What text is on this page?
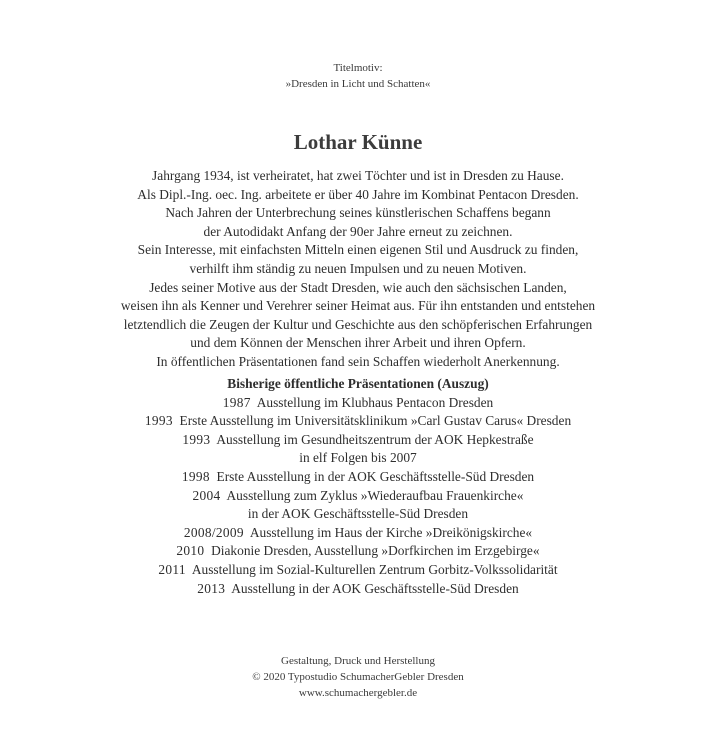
Titelmotiv:
»Dresden in Licht und Schatten«
Lothar Künne
Jahrgang 1934, ist verheiratet, hat zwei Töchter und ist in Dresden zu Hause.
Als Dipl.-Ing. oec. Ing. arbeitete er über 40 Jahre im Kombinat Pentacon Dresden.
Nach Jahren der Unterbrechung seines künstlerischen Schaffens begann
der Autodidakt Anfang der 90er Jahre erneut zu zeichnen.
Sein Interesse, mit einfachsten Mitteln einen eigenen Stil und Ausdruck zu finden,
verhilft ihm ständig zu neuen Impulsen und zu neuen Motiven.
Jedes seiner Motive aus der Stadt Dresden, wie auch den sächsischen Landen,
weisen ihn als Kenner und Verehrer seiner Heimat aus. Für ihn entstanden und entstehen
letztendlich die Zeugen der Kultur und Geschichte aus den schöpferischen Erfahrungen
und dem Können der Menschen ihrer Arbeit und ihren Opfern.
In öffentlichen Präsentationen fand sein Schaffen wiederholt Anerkennung.
Bisherige öffentliche Präsentationen (Auszug)
1987 Ausstellung im Klubhaus Pentacon Dresden
1993 Erste Ausstellung im Universitätsklinikum »Carl Gustav Carus« Dresden
1993 Ausstellung im Gesundheitszentrum der AOK Hepkestraße
in elf Folgen bis 2007
1998 Erste Ausstellung in der AOK Geschäftsstelle-Süd Dresden
2004 Ausstellung zum Zyklus »Wiederaufbau Frauenkirche«
in der AOK Geschäftsstelle-Süd Dresden
2008/2009 Ausstellung im Haus der Kirche »Dreikönigskirche«
2010 Diakonie Dresden, Ausstellung »Dorfkirchen im Erzgebirge«
2011 Ausstellung im Sozial-Kulturellen Zentrum Gorbitz-Volkssolidarität
2013 Ausstellung in der AOK Geschäftsstelle-Süd Dresden
Gestaltung, Druck und Herstellung
© 2020 Typostudio SchumacherGebler Dresden
www.schumachergebler.de
